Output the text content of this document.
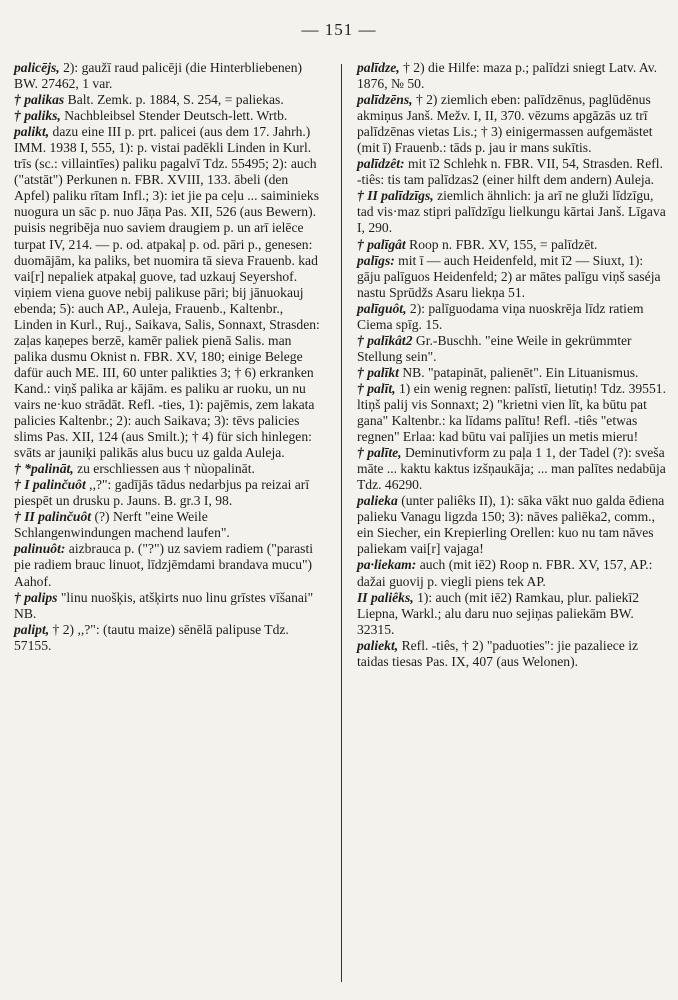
— 151 —

palicējs, 2): gaužī raud palicēji (die Hinterbliebenen) BW. 27462, 1 var.

† palikas Balt. Zemk. p. 1884, S. 254, = paliekas.

† paliks, Nachbleibsel Stender Deutsch-lett. Wrtb.

palikt, dazu eine III p. prt. palicei (aus dem 17. Jahrh.) IMM. 1938 I, 555, 1): p. vistai padēkli Linden in Kurl. trīs (sc.: villaintīes) paliku pagalvī Tdz. 55495; 2): auch ("atstāt") Perkunen n. FBR. XVIII, 133. ābeli (den Apfel) paliku rītam Infl.; 3): iet jie pa ceļu ... saiminieks nuogura un sāc p. nuo Jāņa Pas. XII, 526 (aus Bewern). puisis negribēja nuo saviem draugiem p. un arī ielēce turpat IV, 214. — p. od. atpakaļ p. od. pāri p., genesen: duomājām, ka paliks, bet nuomira tā sieva Frauenb. kad vai[r] nepaliek atpakaļ guove, tad uzkauj Seyershof. viņiem viena guove nebij palikuse pāri; bij jānuokauj ebenda; 5): auch AP., Auleja, Frauenb., Kaltenbr., Linden in Kurl., Ruj., Saikava, Salis, Sonnaxt, Strasden: zaļas kaņepes berzē, kamēr paliek pienā Salis. man palika dusmu Oknist n. FBR. XV, 180; einige Belege dafür auch ME. III, 60 unter palikties 3; † 6) erkranken Kand.: viņš palika ar kājām. es paliku ar ruoku, un nu vairs ne·kuo strādāt. Refl. -ties, 1): pajēmis, zem lakata palicies Kaltenbr.; 2): auch Saikava; 3): tēvs palicies slims Pas. XII, 124 (aus Smilt.); † 4) für sich hinlegen: svāts ar jauniķi palikās alus bucu uz galda Auleja.

† *palināt, zu erschliessen aus † nùopalināt.

† I palinčuôt ,,?": gadījās tādus nedarbjus pa reizai arī piespēt un drusku p. Jauns. B. gr.3 I, 98.

† II palinčuôt (?) Nerft "eine Weile Schlangenwindungen machend laufen".

palinuôt: aizbrauca p. ("?") uz saviem radiem ("parasti pie radiem brauc linuot, līdzjēmdami brandava mucu") Aahof.

† palips "linu nuošķis, atšķirts nuo linu grīstes vīšanai" NB.

palipt, † 2) ,,?": (tautu maize) sēnēlā palipuse Tdz. 57155.

palīdze, † 2) die Hilfe: maza p.; palīdzi sniegt Latv. Av. 1876, № 50.

palīdzēns, † 2) ziemlich eben: palīdzēnus, paglūdēnus akmiņus Janš. Mežv. I, II, 370. vēzums apgāzās uz trī palīdzēnas vietas Lis.; † 3) einigermassen aufgemästet (mit ī) Frauenb.: tāds p. jau ir mans sukītis.

palīdzêt: mit ī2 Schlehk n. FBR. VII, 54, Strasden. Refl. -tiês: tis tam palīdzas2 (einer hilft dem andern) Auleja.

† II palīdzīgs, ziemlich ähnlich: ja arī ne gluži līdzīgu, tad vis·maz stipri palīdzīgu lielkungu kārtai Janš. Līgava I, 290.

† palīgât Roop n. FBR. XV, 155, = palīdzēt.

palīgs: mit ī — auch Heidenfeld, mit ī2 — Siuxt, 1): gāju palīguos Heidenfeld; 2) ar mātes palīgu viņš saséja nastu Sprūdžs Asaru liekņa 51.

palīguôt, 2): palīguodama viņa nuoskrēja līdz ratiem Ciema spīg. 15.

† palīkât2 Gr.-Buschh. "eine Weile in gekrümmter Stellung sein".

† palīkt NB. "patapināt, palienēt". Ein Lituanismus.

† palīt, 1) ein wenig regnen: palīstī, lietutiņ! Tdz. 39551. ltiņš palij vis Sonnaxt; 2) "krietni vien līt, ka būtu pat gana" Kaltenbr.: ka līdams palītu! Refl. -tiês "etwas regnen" Erlaa: kad būtu vai palījies un metis mieru!

† palīte, Deminutivform zu paļa 1 1, der Tadel (?): sveša māte ... kaktu kaktus izšņaukāja; ... man palītes nedabūja Tdz. 46290.

palieka (unter paliêks II), 1): sāka vākt nuo galda ēdiena palieku Vanagu ligzda 150; 3): nāves paliēka2, comm., ein Siecher, ein Krepierling Orellen: kuo nu tam nāves paliekam vai[r] vajaga!

pa·liekam: auch (mit iē2) Roop n. FBR. XV, 157, AP.: dažai guovij p. viegli piens tek AP.

II paliêks, 1): auch (mit iē2) Ramkau, plur. paliekī2 Liepna, Warkl.; alu daru nuo sejiņas paliekām BW. 32315.

paliekt, Refl. -tiês, † 2) "paduoties": jie pazaliece iz taidas tiesas Pas. IX, 407 (aus Welonen).
